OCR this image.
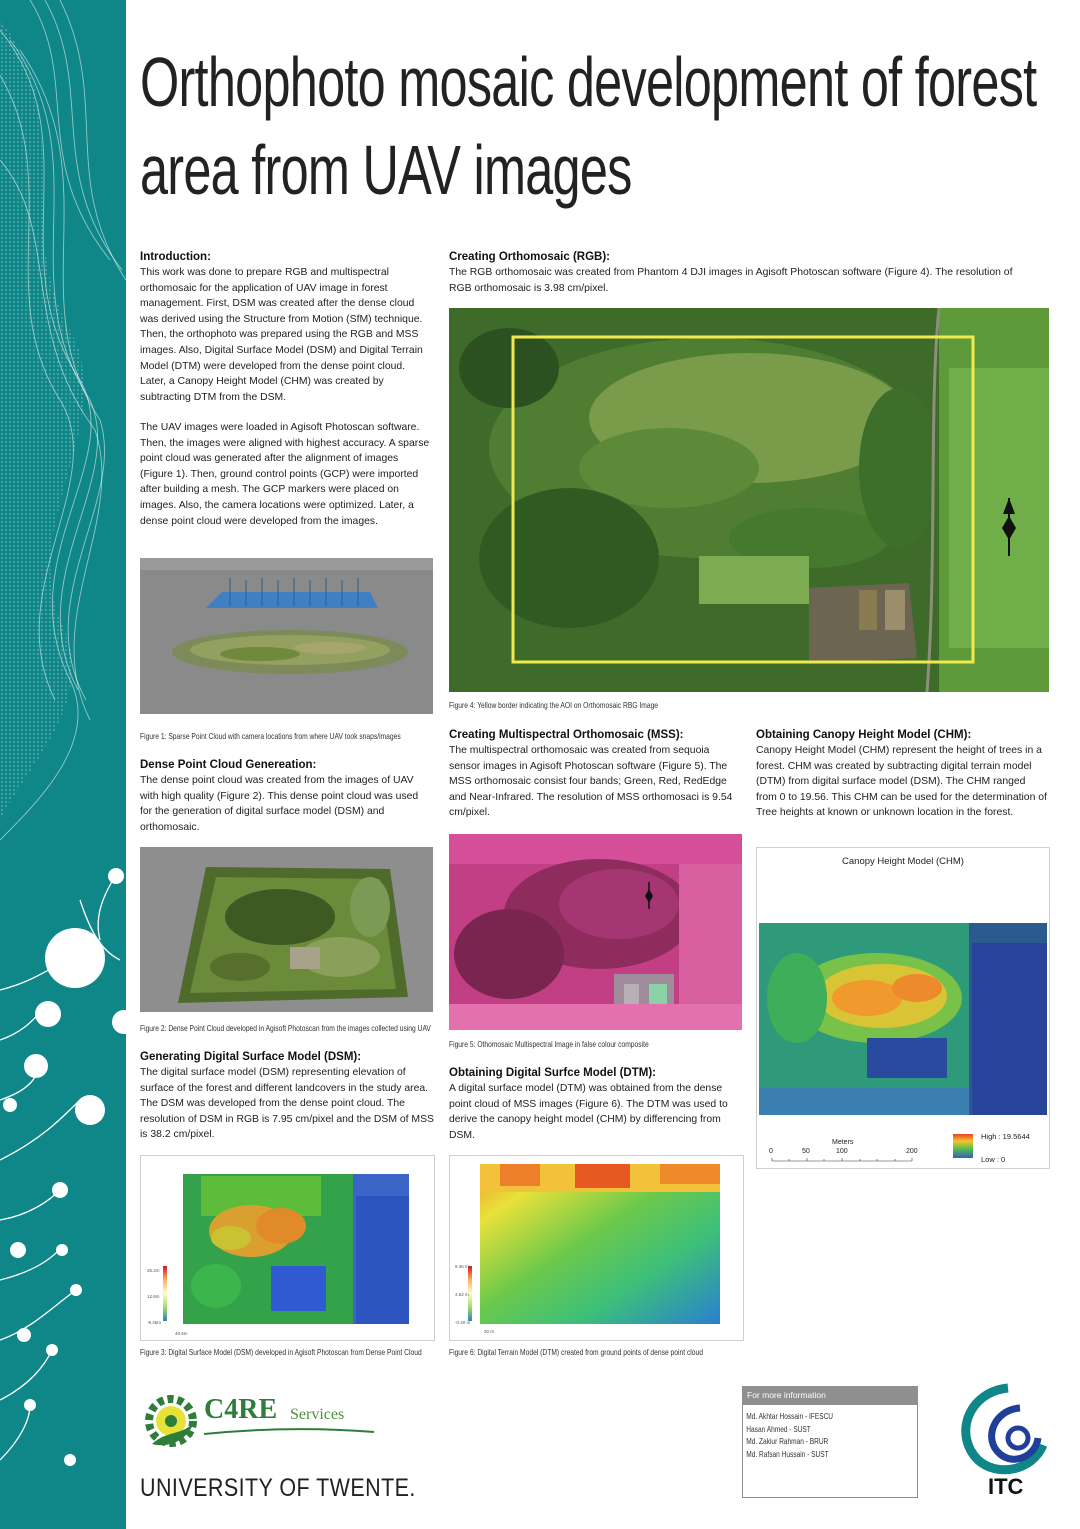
Orthophoto mosaic development of forest
area from UAV images
Introduction:

This work was done to prepare RGB and multispectral orthomosaic for the application of UAV image in forest management. First, DSM was created after the dense cloud was derived using the Structure from Motion (SfM) technique. Then, the orthophoto was prepared using the RGB and MSS images. Also, Digital Surface Model (DSM) and Digital Terrain Model (DTM) were developed from the dense point cloud. Later, a Canopy Height Model (CHM) was created by subtracting DTM from the DSM.

The UAV images were loaded in Agisoft Photoscan software. Then, the images were aligned with highest accuracy. A sparse point cloud was generated after the alignment of images (Figure 1). Then, ground control points (GCP) were imported after building a mesh. The GCP markers were placed on images. Also, the camera locations were optimized. Later, a dense point cloud were developed from the images.

Figure 1: Sparse Point Cloud with camera locations from where UAV took snaps/images
Dense Point Cloud Genereation:

The dense point cloud was created from the images of UAV with high quality (Figure 2). This dense point cloud was used for the generation of digital surface model (DSM) and orthomosaic.

Figure 2: Dense Point Cloud developed in Agisoft Photoscan from the images collected using UAV
Generating Digital Surface Model (DSM):

The digital surface model (DSM) representing elevation of surface of the forest and different landcovers in the study area. The DSM was developed from the dense point cloud. The resolution of DSM in RGB is 7.95 cm/pixel and the DSM of MSS is 38.2 cm/pixel.

35.2m
12.8m
-9.46m
40.6m
Figure 3: Digital Surface Model (DSM) developed in Agisoft Photoscan from Dense Point Cloud
Creating Orthomosaic (RGB):

The RGB orthomosaic was created from Phantom 4 DJI images in Agisoft Photoscan software (Figure 4). The resolution of RGB orthomosaic is 3.98 cm/pixel.

Figure 4: Yellow border indicating the AOI on Orthomosaic RBG Image
Creating Multispectral Orthomosaic (MSS):

The multispectral orthomosaic was created from sequoia sensor images in Agisoft Photoscan software (Figure 5). The MSS orthomosaic consist four bands; Green, Red, RedEdge and Near-Infrared. The resolution of MSS orthomosaci is 9.54 cm/pixel.

Figure 5: Othomosaic Multispectral Image in false colour composite
Obtaining Digital Surfce Model (DTM):

A digital surface model (DTM) was obtained from the dense point cloud of MSS images (Figure 6). The DTM was used to derive the canopy height model (CHM) by differencing from DSM.

9.36 m
4.62 m
-0.40 m
30 m
Figure 6: Digital Terrain Model (DTM) created from ground points of dense point cloud
Obtaining Canopy Height Model (CHM):

Canopy Height Model (CHM) represent the height of trees in a forest. CHM was created by subtracting digital terrain model (DTM) from digital surface model (DSM). The CHM ranged from 0 to 19.56. This CHM can be used for the determination of Tree heights at known or unknown location in the forest.

Canopy Height Model (CHM)
Meters
0	50	100	200
High : 19.5644
Low : 0
For more information
Md. Akhtar Hossain - IFESCU
Hasan Ahmed - SUST
Md. Zakiur Rahman - BRUR
Md. Rafsan Hussain - SUST
C4RE Services
UNIVERSITY OF TWENTE.	ITC
